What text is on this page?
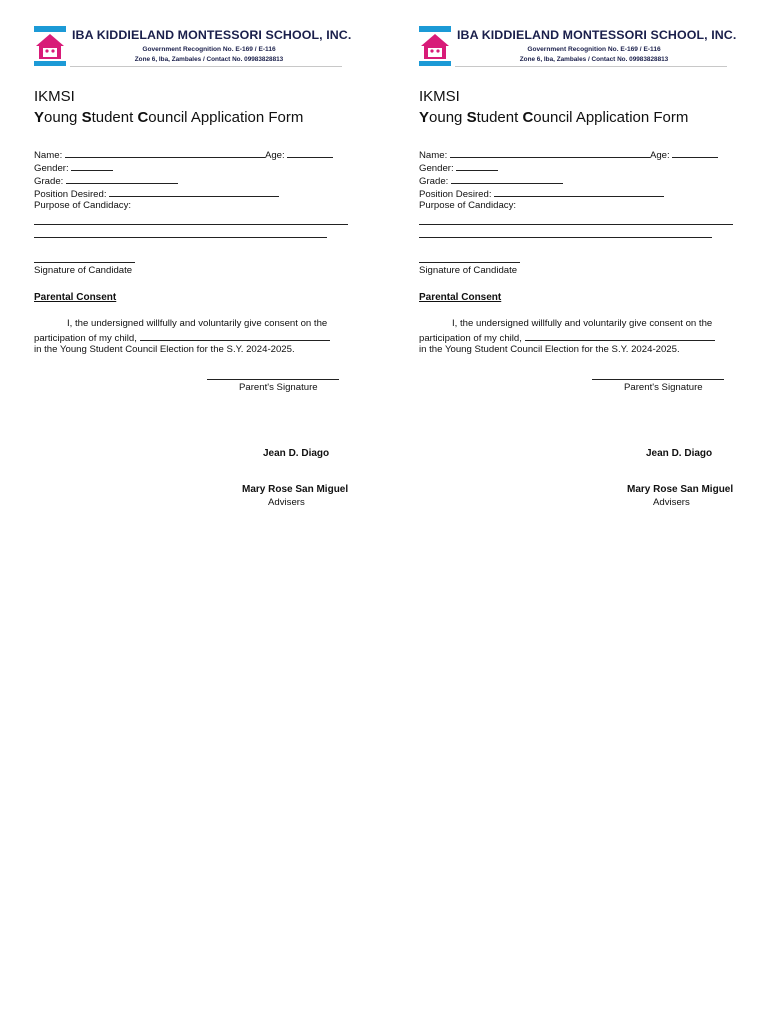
IBA KIDDIELAND MONTESSORI SCHOOL, INC.
Government Recognition No. E-169 / E-116
Zone 6, Iba, Zambales / Contact No. 09983828813
IKMSI
Young Student Council Application Form
Name:	Age:
Gender:
Grade:
Position Desired:
Purpose of Candidacy:
Signature of Candidate
Parental Consent
I, the undersigned willfully and voluntarily give consent on the
participation of my child,
in the Young Student Council Election for the S.Y. 2024-2025.
Parent's Signature
Jean D. Diago
Mary Rose San Miguel
Advisers
IBA KIDDIELAND MONTESSORI SCHOOL, INC.
Government Recognition No. E-169 / E-116
Zone 6, Iba, Zambales / Contact No. 09983828813
IKMSI
Young Student Council Application Form
Name:	Age:
Gender:
Grade:
Position Desired:
Purpose of Candidacy:
Signature of Candidate
Parental Consent
I, the undersigned willfully and voluntarily give consent on the
participation of my child,
in the Young Student Council Election for the S.Y. 2024-2025.
Parent's Signature
Jean D. Diago
Mary Rose San Miguel
Advisers
